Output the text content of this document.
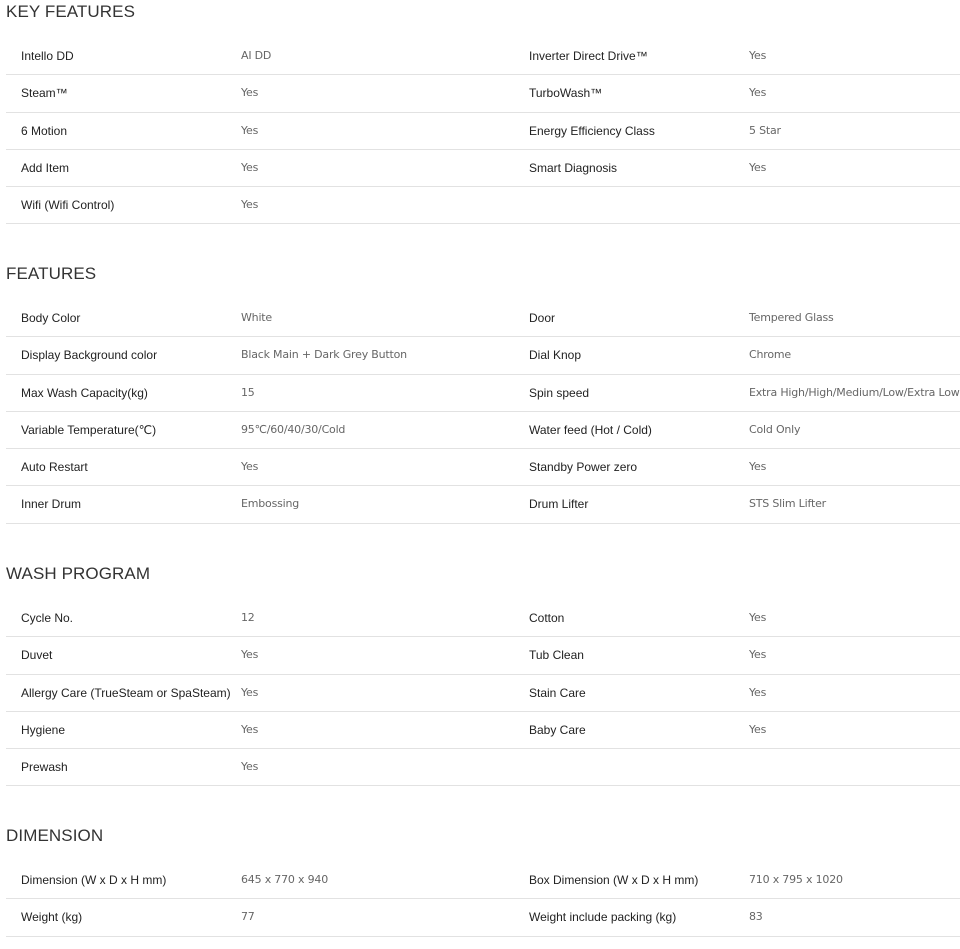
KEY FEATURES
Intello DD	AI DD	Inverter Direct Drive™	Yes
Steam™	Yes	TurboWash™	Yes
6 Motion	Yes	Energy Efficiency Class	5 Star
Add Item	Yes	Smart Diagnosis	Yes
Wifi (Wifi Control)	Yes
FEATURES
Body Color	White	Door	Tempered Glass
Display Background color	Black Main + Dark Grey Button	Dial Knop	Chrome
Max Wash Capacity(kg)	15	Spin speed	Extra High/High/Medium/Low/Extra Low
Variable Temperature(℃)	95℃/60/40/30/Cold	Water feed (Hot / Cold)	Cold Only
Auto Restart	Yes	Standby Power zero	Yes
Inner Drum	Embossing	Drum Lifter	STS Slim Lifter
WASH PROGRAM
Cycle No.	12	Cotton	Yes
Duvet	Yes	Tub Clean	Yes
Allergy Care (TrueSteam or SpaSteam) Yes	Stain Care	Yes
Hygiene	Yes	Baby Care	Yes
Prewash	Yes
DIMENSION
Dimension (W x D x H mm)	645 x 770 x 940	Box Dimension (W x D x H mm)	710 x 795 x 1020
Weight (kg)	77	Weight include packing (kg)	83
